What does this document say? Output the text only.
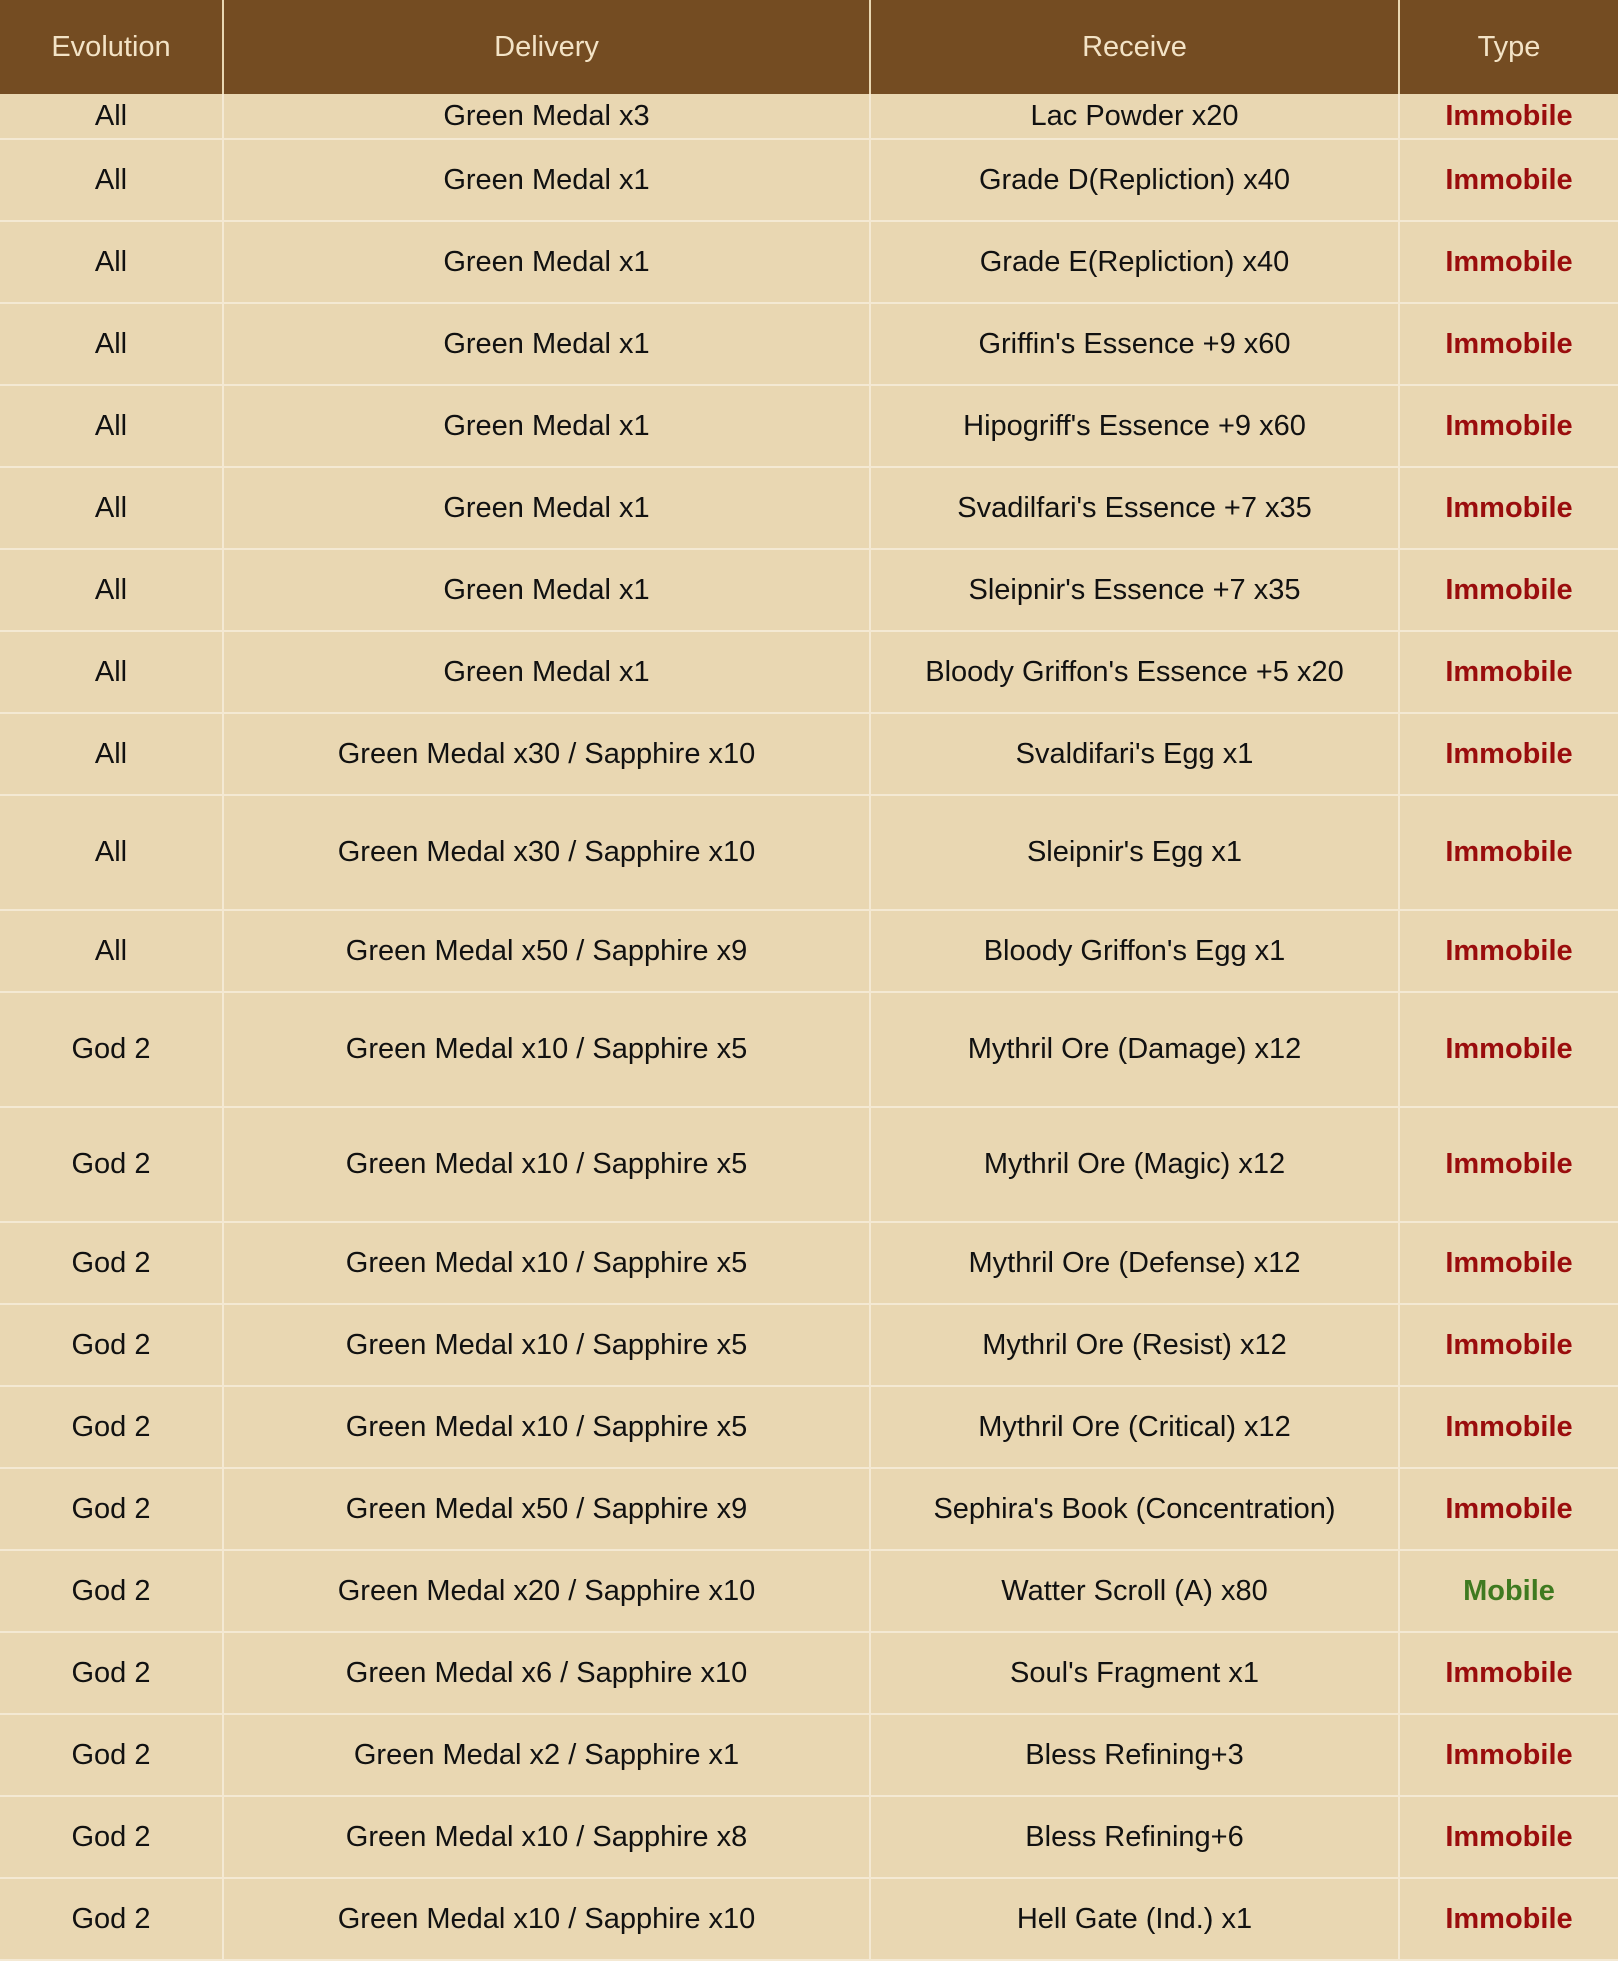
Evolution	Delivery	Receive	Type
All	Green Medal x3	Lac Powder x20	Immobile
All	Green Medal x1	Grade D(Repliction) x40	Immobile
All	Green Medal x1	Grade E(Repliction) x40	Immobile
All	Green Medal x1	Griffin's Essence +9 x60	Immobile
All	Green Medal x1	Hipogriff's Essence +9 x60	Immobile
All	Green Medal x1	Svadilfari's Essence +7 x35	Immobile
All	Green Medal x1	Sleipnir's Essence +7 x35	Immobile
All	Green Medal x1	Bloody Griffon's Essence +5 x20	Immobile
All	Green Medal x30 / Sapphire x10	Svaldifari's Egg x1	Immobile
All	Green Medal x30 / Sapphire x10	Sleipnir's Egg x1	Immobile
All	Green Medal x50 / Sapphire x9	Bloody Griffon's Egg x1	Immobile
God 2	Green Medal x10 / Sapphire x5	Mythril Ore (Damage) x12	Immobile
God 2	Green Medal x10 / Sapphire x5	Mythril Ore (Magic) x12	Immobile
God 2	Green Medal x10 / Sapphire x5	Mythril Ore (Defense) x12	Immobile
God 2	Green Medal x10 / Sapphire x5	Mythril Ore (Resist) x12	Immobile
God 2	Green Medal x10 / Sapphire x5	Mythril Ore (Critical) x12	Immobile
God 2	Green Medal x50 / Sapphire x9	Sephira's Book (Concentration)	Immobile
God 2	Green Medal x20 / Sapphire x10	Watter Scroll (A) x80	Mobile
God 2	Green Medal x6 / Sapphire x10	Soul's Fragment x1	Immobile
God 2	Green Medal x2 / Sapphire x1	Bless Refining+3	Immobile
God 2	Green Medal x10 / Sapphire x8	Bless Refining+6	Immobile
God 2	Green Medal x10 / Sapphire x10	Hell Gate (Ind.) x1	Immobile
